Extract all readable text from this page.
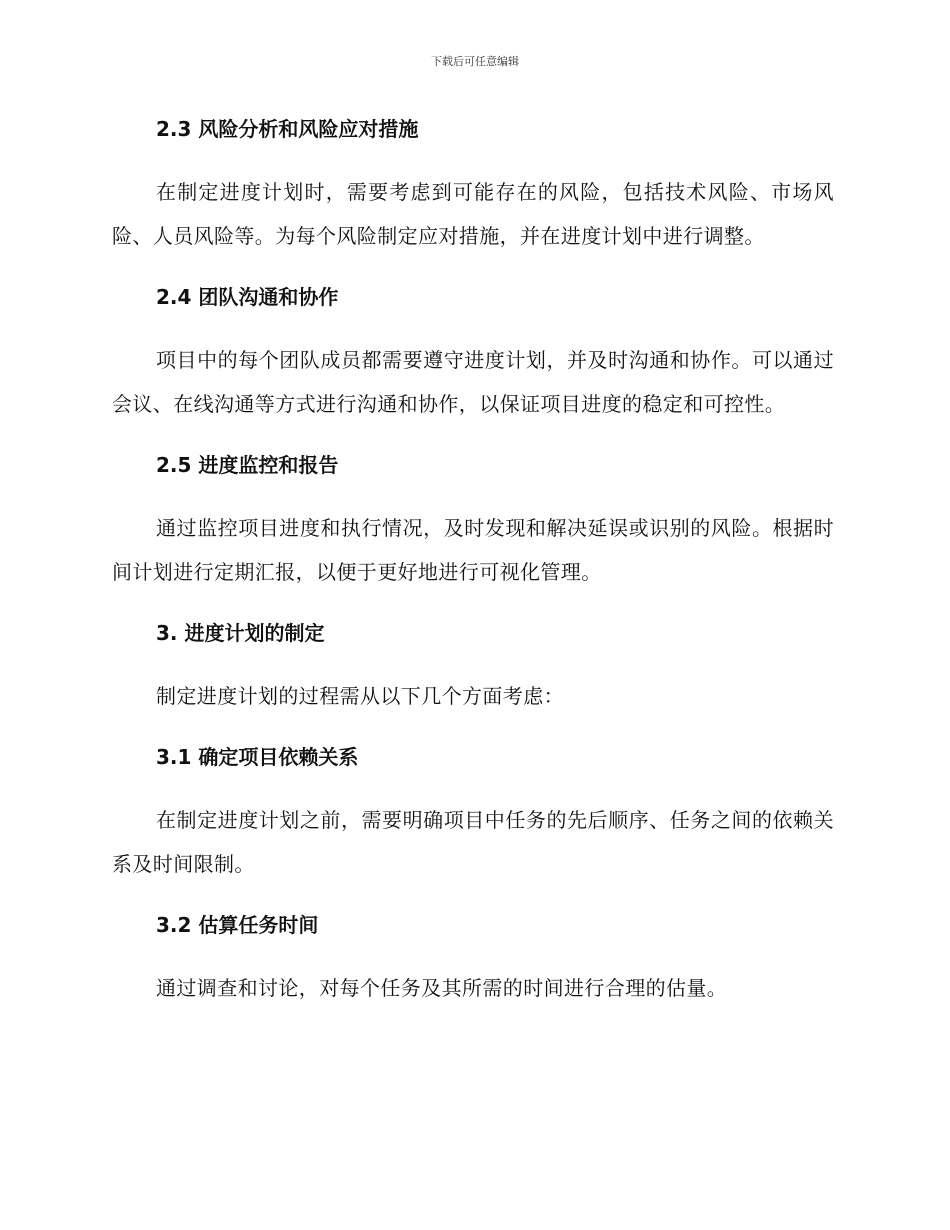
下载后可任意编辑
2.3 风险分析和风险应对措施

在制定进度计划时，需要考虑到可能存在的风险，包括技术风险、市场风险、人员风险等。为每个风险制定应对措施，并在进度计划中进行调整。

2.4 团队沟通和协作

项目中的每个团队成员都需要遵守进度计划，并及时沟通和协作。可以通过会议、在线沟通等方式进行沟通和协作，以保证项目进度的稳定和可控性。

2.5 进度监控和报告

通过监控项目进度和执行情况，及时发现和解决延误或识别的风险。根据时间计划进行定期汇报，以便于更好地进行可视化管理。

3. 进度计划的制定

制定进度计划的过程需从以下几个方面考虑：

3.1 确定项目依赖关系

在制定进度计划之前，需要明确项目中任务的先后顺序、任务之间的依赖关系及时间限制。

3.2 估算任务时间

通过调查和讨论，对每个任务及其所需的时间进行合理的估量。
